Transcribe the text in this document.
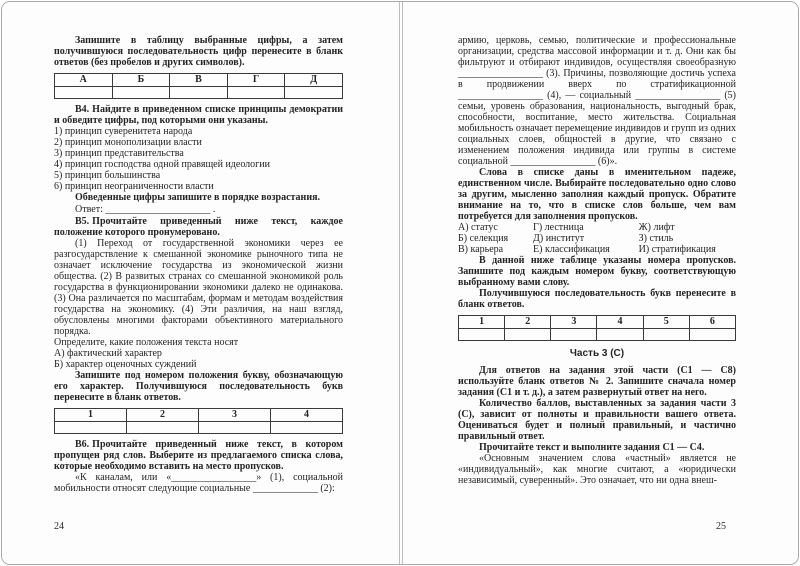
Запишите в таблицу выбранные цифры, а затем получившуюся последовательность цифр перенесите в бланк ответов (без пробелов и других символов).

А	Б	В	Г	Д

В4. Найдите в приведенном списке принципы демократии и обведите цифры, под которыми они указаны.

1) принцип суверенитета народа

2) принцип монополизации власти

3) принцип представительства

4) принцип господства одной правящей идеологии

5) принцип большинства

6) принцип неограниченности власти

Обведенные цифры запишите в порядке возрастания.

Ответ: _____________________ .

В5. Прочитайте приведенный ниже текст, каждое положение которого пронумеровано.

(1) Переход от государственной экономики через ее разгосударствление к смешанной экономике рыночного типа не означает исключение государства из экономической жизни общества. (2) В развитых странах со смешанной экономикой роль государства в функционировании экономики далеко не одинакова. (3) Она различается по масштабам, формам и методам воздействия государства на экономику. (4) Эти различия, на наш взгляд, обусловлены многими факторами объективного материального порядка.

Определите, какие положения текста носят

А) фактический характер

Б) характер оценочных суждений

Запишите под номером положения букву, обозначающую его характер. Получившуюся последовательность букв перенесите в бланк ответов.

1	2	3	4

В6. Прочитайте приведенный ниже текст, в котором пропущен ряд слов. Выберите из предлагаемого списка слова, которые необходимо вставить на место пропусков.

«К каналам, или «_________________» (1), социальной мобильности относят следующие социальные _____________ (2):

24

армию, церковь, семью, политические и профессиональные организации, средства массовой информации и т. д. Они как бы фильтруют и отбирают индивидов, осуществляя своеобразную _________________ (3). Причины, позволяющие достичь успеха в продвижении вверх по стратификационной _________________ (4), — социальный _________________ (5) семьи, уровень образования, национальность, выгодный брак, способности, воспитание, место жительства. Социальная мобильность означает перемещение индивидов и групп из одних социальных слоев, общностей в другие, что связано с изменением положения индивида или группы в системе социальной _________________ (6)».

Слова в списке даны в именительном падеже, единственном числе. Выбирайте последовательно одно слово за другим, мысленно заполняя каждый пропуск. Обратите внимание на то, что в списке слов больше, чем вам потребуется для заполнения пропусков.

А) статус	Г) лестница	Ж) лифт
Б) селекция	Д) институт	З) стиль
В) карьера	Е) классификация	И) стратификация

В данной ниже таблице указаны номера пропусков. Запишите под каждым номером букву, соответствующую выбранному вами слову.

Получившуюся последовательность букв перенесите в бланк ответов.

1	2	3	4	5	6

Часть 3 (С)

Для ответов на задания этой части (С1 — С8) используйте бланк ответов № 2. Запишите сначала номер задания (С1 и т. д.), а затем развернутый ответ на него.

Количество баллов, выставленных за задания части 3 (С), зависит от полноты и правильности вашего ответа. Оцениваться будет и полный правильный, и частично правильный ответ.

Прочитайте текст и выполните задания С1 — С4.

«Основным значением слова «частный» является не «индивидуальный», как многие считают, а «юридически независимый, суверенный». Это означает, что ни одна внеш-

25
